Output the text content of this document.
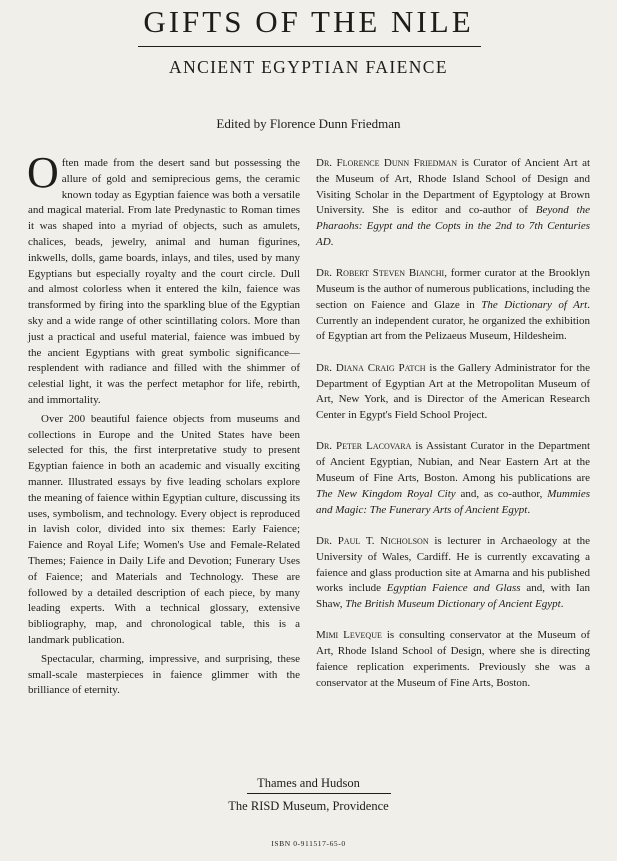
GIFTS OF THE NILE
ANCIENT EGYPTIAN FAIENCE
Edited by Florence Dunn Friedman

Often made from the desert sand but possessing the allure of gold and semiprecious gems, the ceramic known today as Egyptian faience was both a versatile and magical material. From late Predynastic to Roman times it was shaped into a myriad of objects, such as amulets, chalices, beads, jewelry, animal and human figurines, inkwells, dolls, game boards, inlays, and tiles, used by many Egyptians but especially royalty and the court circle. Dull and almost colorless when it entered the kiln, faience was transformed by firing into the sparkling blue of the Egyptian sky and a wide range of other scintillating colors. More than just a practical and useful material, faience was imbued by the ancient Egyptians with great symbolic significance—resplendent with radiance and filled with the shimmer of celestial light, it was the perfect metaphor for life, rebirth, and immortality.

Over 200 beautiful faience objects from museums and collections in Europe and the United States have been selected for this, the first interpretative study to present Egyptian faience in both an academic and visually exciting manner. Illustrated essays by five leading scholars explore the meaning of faience within Egyptian culture, discussing its uses, symbolism, and technology. Every object is reproduced in lavish color, divided into six themes: Early Faience; Faience and Royal Life; Women's Use and Female-Related Themes; Faience in Daily Life and Devotion; Funerary Uses of Faience; and Materials and Technology. These are followed by a detailed description of each piece, by many leading experts. With a technical glossary, extensive bibliography, map, and chronological table, this is a landmark publication.

Spectacular, charming, impressive, and surprising, these small-scale masterpieces in faience glimmer with the brilliance of eternity.

Dr. Florence Dunn Friedman is Curator of Ancient Art at the Museum of Art, Rhode Island School of Design and Visiting Scholar in the Department of Egyptology at Brown University. She is editor and co-author of Beyond the Pharaohs: Egypt and the Copts in the 2nd to 7th Centuries AD.

Dr. Robert Steven Bianchi, former curator at the Brooklyn Museum is the author of numerous publications, including the section on Faience and Glaze in The Dictionary of Art. Currently an independent curator, he organized the exhibition of Egyptian art from the Pelizaeus Museum, Hildesheim.

Dr. Diana Craig Patch is the Gallery Administrator for the Department of Egyptian Art at the Metropolitan Museum of Art, New York, and is Director of the American Research Center in Egypt's Field School Project.

Dr. Peter Lacovara is Assistant Curator in the Department of Ancient Egyptian, Nubian, and Near Eastern Art at the Museum of Fine Arts, Boston. Among his publications are The New Kingdom Royal City and, as co-author, Mummies and Magic: The Funerary Arts of Ancient Egypt.

Dr. Paul T. Nicholson is lecturer in Archaeology at the University of Wales, Cardiff. He is currently excavating a faience and glass production site at Amarna and his published works include Egyptian Faience and Glass and, with Ian Shaw, The British Museum Dictionary of Ancient Egypt.

Mimi Leveque is consulting conservator at the Museum of Art, Rhode Island School of Design, where she is directing faience replication experiments. Previously she was a conservator at the Museum of Fine Arts, Boston.

Thames and Hudson
The RISD Museum, Providence
ISBN 0-911517-65-0
